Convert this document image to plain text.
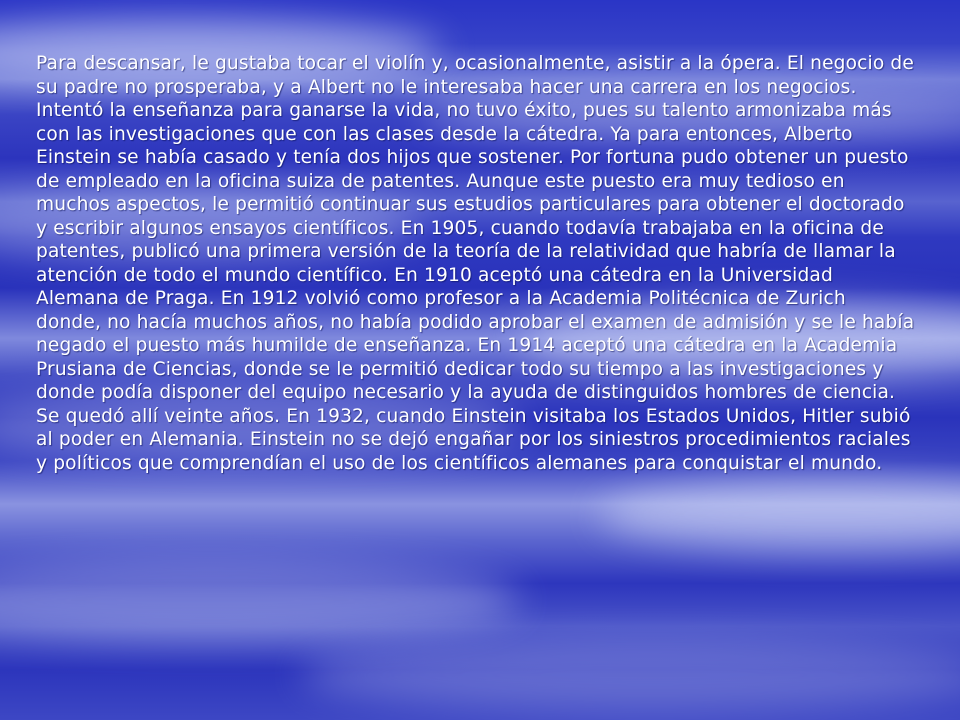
Para descansar, le gustaba tocar el violín y, ocasionalmente, asistir a la ópera. El negocio de su padre no prosperaba, y a Albert no le interesaba hacer una carrera en los negocios. Intentó la enseñanza para ganarse la vida, no tuvo éxito, pues su talento armonizaba más con las investigaciones que con las clases desde la cátedra. Ya para entonces, Alberto Einstein se había casado y tenía dos hijos que sostener. Por fortuna pudo obtener un puesto de empleado en la oficina suiza de patentes. Aunque este puesto era muy tedioso en muchos aspectos, le permitió continuar sus estudios particulares para obtener el doctorado y escribir algunos ensayos científicos. En 1905, cuando todavía trabajaba en la oficina de patentes, publicó una primera versión de la teoría de la relatividad que habría de llamar la atención de todo el mundo científico. En 1910 aceptó una cátedra en la Universidad Alemana de Praga. En 1912 volvió como profesor a la Academia Politécnica de Zurich donde, no hacía muchos años, no había podido aprobar el examen de admisión y se le había negado el puesto más humilde de enseñanza. En 1914 aceptó una cátedra en la Academia Prusiana de Ciencias, donde se le permitió dedicar todo su tiempo a las investigaciones y donde podía disponer del equipo necesario y la ayuda de distinguidos hombres de ciencia. Se quedó allí veinte años. En 1932, cuando Einstein visitaba los Estados Unidos, Hitler subió al poder en Alemania. Einstein no se dejó engañar por los siniestros procedimientos raciales y políticos que comprendían el uso de los científicos alemanes para conquistar el mundo.
